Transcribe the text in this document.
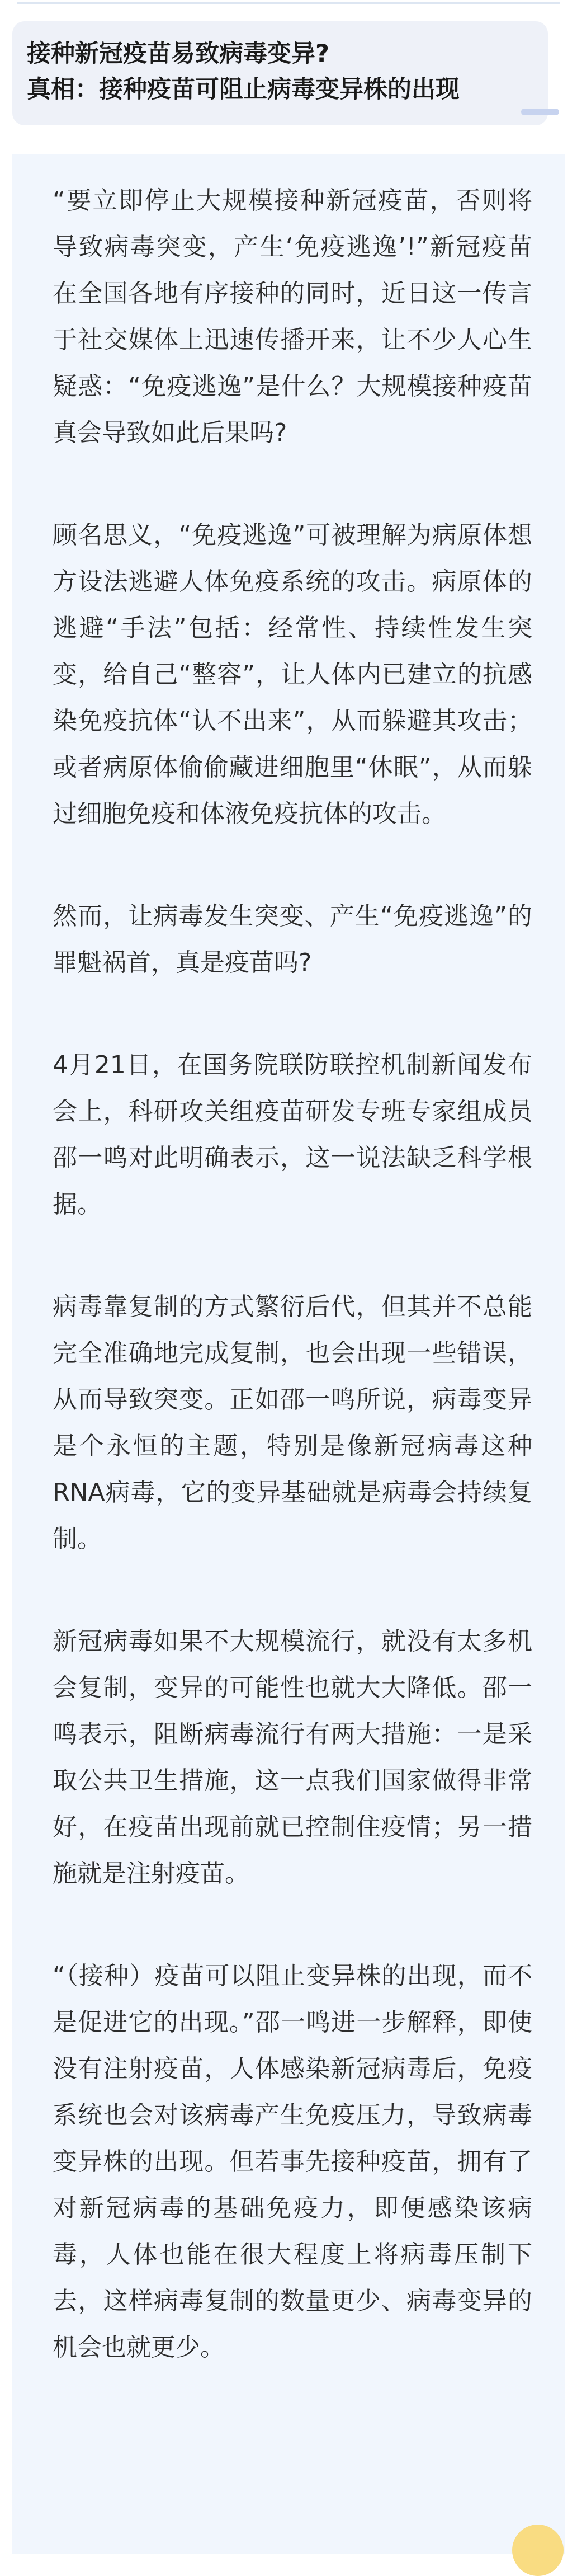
接种新冠疫苗易致病毒变异?
真相：接种疫苗可阻止病毒变异株的出现

“要立即停止大规模接种新冠疫苗，否则将导致病毒突变，产生‘免疫逃逸’!”新冠疫苗在全国各地有序接种的同时，近日这一传言于社交媒体上迅速传播开来，让不少人心生疑惑：“免疫逃逸”是什么？大规模接种疫苗真会导致如此后果吗?

顾名思义，“免疫逃逸”可被理解为病原体想方设法逃避人体免疫系统的攻击。病原体的逃避“手法”包括：经常性、持续性发生突变，给自己“整容”，让人体内已建立的抗感染免疫抗体“认不出来”，从而躲避其攻击；或者病原体偷偷藏进细胞里“休眠”，从而躲过细胞免疫和体液免疫抗体的攻击。

然而，让病毒发生突变、产生“免疫逃逸”的罪魁祸首，真是疫苗吗?

4月21日，在国务院联防联控机制新闻发布会上，科研攻关组疫苗研发专班专家组成员邵一鸣对此明确表示，这一说法缺乏科学根据。

病毒靠复制的方式繁衍后代，但其并不总能完全准确地完成复制，也会出现一些错误，从而导致突变。正如邵一鸣所说，病毒变异是个永恒的主题，特别是像新冠病毒这种RNA病毒，它的变异基础就是病毒会持续复制。

新冠病毒如果不大规模流行，就没有太多机会复制，变异的可能性也就大大降低。邵一鸣表示，阻断病毒流行有两大措施：一是采取公共卫生措施，这一点我们国家做得非常好，在疫苗出现前就已控制住疫情；另一措施就是注射疫苗。

“（接种）疫苗可以阻止变异株的出现，而不是促进它的出现。”邵一鸣进一步解释，即使没有注射疫苗，人体感染新冠病毒后，免疫系统也会对该病毒产生免疫压力，导致病毒变异株的出现。但若事先接种疫苗，拥有了对新冠病毒的基础免疫力，即便感染该病毒，人体也能在很大程度上将病毒压制下去，这样病毒复制的数量更少、病毒变异的机会也就更少。
